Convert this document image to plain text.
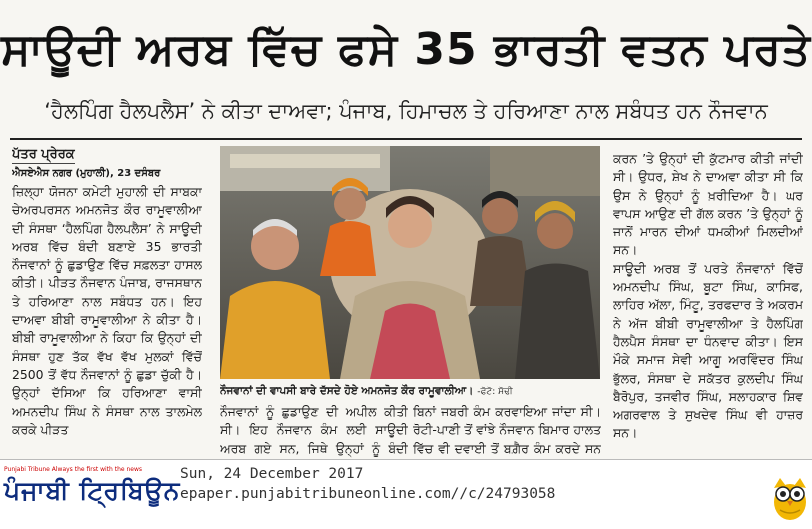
ਸਾਊਦੀ ਅਰਬ ਵਿੱਚ ਫਸੇ 35 ਭਾਰਤੀ ਵਤਨ ਪਰਤੇ
‘ਹੈਲਪਿੰਗ ਹੈਲਪਲੈਸ’ ਨੇ ਕੀਤਾ ਦਾਅਵਾ; ਪੰਜਾਬ, ਹਿਮਾਚਲ ਤੇ ਹਰਿਆਣਾ ਨਾਲ ਸਬੰਧਤ ਹਨ ਨੌਜਵਾਨ
ਪੱਤਰ ਪ੍ਰੇਰਕ
ਐਸਏਐਸ ਨਗਰ (ਮੁਹਾਲੀ), 23 ਦਸੰਬਰ

ਜ਼ਿਲ੍ਹਾ ਯੋਜਨਾ ਕਮੇਟੀ ਮੁਹਾਲੀ ਦੀ ਸਾਬਕਾ ਚੇਅਰਪਰਸਨ ਅਮਨਜੋਤ ਕੌਰ ਰਾਮੂਵਾਲੀਆ ਦੀ ਸੰਸਥਾ ‘ਹੈਲਪਿੰਗ ਹੈਲਪਲੈਸ’ ਨੇ ਸਾਊਦੀ ਅਰਬ ਵਿੱਚ ਬੰਦੀ ਬਣਾਏ 35 ਭਾਰਤੀ ਨੌਜਵਾਨਾਂ ਨੂੰ ਛੁਡਾਉਣ ਵਿੱਚ ਸਫ਼ਲਤਾ ਹਾਸਲ ਕੀਤੀ। ਪੀੜਤ ਨੌਜਵਾਨ ਪੰਜਾਬ, ਰਾਜਸਥਾਨ ਤੇ ਹਰਿਆਣਾ ਨਾਲ ਸਬੰਧਤ ਹਨ। ਇਹ ਦਾਅਵਾ ਬੀਬੀ ਰਾਮੂਵਾਲੀਆ ਨੇ ਕੀਤਾ ਹੈ। ਬੀਬੀ ਰਾਮੂਵਾਲੀਆ ਨੇ ਕਿਹਾ ਕਿ ਉਨ੍ਹਾਂ ਦੀ ਸੰਸਥਾ ਹੁਣ ਤੱਕ ਵੱਖ ਵੱਖ ਮੁਲਕਾਂ ਵਿੱਚੋਂ 2500 ਤੋਂ ਵੱਧ ਨੌਜਵਾਨਾਂ ਨੂੰ ਛੁਡਾ ਚੁੱਕੀ ਹੈ। ਉਨ੍ਹਾਂ ਦੱਸਿਆ ਕਿ ਹਰਿਆਣਾ ਵਾਸੀ ਅਮਨਦੀਪ ਸਿੰਘ ਨੇ ਸੰਸਥਾ ਨਾਲ ਤਾਲਮੇਲ ਕਰਕੇ ਪੀੜਤ

ਨੌਜਵਾਨਾਂ ਦੀ ਵਾਪਸੀ ਬਾਰੇ ਦੱਸਦੇ ਹੋਏ ਅਮਨਜੋਤ ਕੌਰ ਰਾਮੂਵਾਲੀਆ। -ਫੋਟੋ: ਸੋਢੀ

ਨੌਜਵਾਨਾਂ ਨੂੰ ਛੁਡਾਉਣ ਦੀ ਅਪੀਲ ਕੀਤੀ ਸੀ। ਇਹ ਨੌਜਵਾਨ ਕੰਮ ਲਈ ਸਾਊਦੀ ਅਰਬ ਗਏ ਸਨ, ਜਿਥੇ ਉਨ੍ਹਾਂ ਨੂੰ ਬੰਦੀ

ਬਿਨਾਂ ਜਬਰੀ ਕੰਮ ਕਰਵਾਇਆ ਜਾਂਦਾ ਸੀ। ਰੋਟੀ-ਪਾਣੀ ਤੋਂ ਵਾਂਝੇ ਨੌਜਵਾਨ ਬਿਮਾਰ ਹਾਲਤ ਵਿੱਚ ਵੀ ਦਵਾਈ ਤੋਂ ਬਗ਼ੈਰ ਕੰਮ ਕਰਦੇ ਸਨ

ਕਰਨ ’ਤੇ ਉਨ੍ਹਾਂ ਦੀ ਕੁੱਟਮਾਰ ਕੀਤੀ ਜਾਂਦੀ ਸੀ। ਉਧਰ, ਸ਼ੇਖ ਨੇ ਦਾਅਵਾ ਕੀਤਾ ਸੀ ਕਿ ਉਸ ਨੇ ਉਨ੍ਹਾਂ ਨੂੰ ਖ਼ਰੀਦਿਆ ਹੈ। ਘਰ ਵਾਪਸ ਆਉਣ ਦੀ ਗੱਲ ਕਰਨ ’ਤੇ ਉਨ੍ਹਾਂ ਨੂੰ ਜਾਨੋਂ ਮਾਰਨ ਦੀਆਂ ਧਮਕੀਆਂ ਮਿਲਦੀਆਂ ਸਨ।

ਸਾਊਦੀ ਅਰਬ ਤੋਂ ਪਰਤੇ ਨੌਜਵਾਨਾਂ ਵਿੱਚੋਂ ਅਮਨਦੀਪ ਸਿੰਘ, ਬੂਟਾ ਸਿੰਘ, ਕਾਸਿਫ, ਲਾਹਿਰ ਅੱਲਾ, ਮਿੰਟੂ, ਤਰਫਦਾਰ ਤੇ ਅਕਰਮ ਨੇ ਅੱਜ ਬੀਬੀ ਰਾਮੂਵਾਲੀਆ ਤੇ ਹੈਲਪਿੰਗ ਹੈਲਪੈਸ ਸੰਸਥਾ ਦਾ ਧੰਨਵਾਦ ਕੀਤਾ। ਇਸ ਮੌਕੇ ਸਮਾਜ ਸੇਵੀ ਆਗੂ ਅਰਵਿੰਦਰ ਸਿੰਘ ਭੁੱਲਰ, ਸੰਸਥਾ ਦੇ ਸਕੱਤਰ ਕੁਲਦੀਪ ਸਿੰਘ ਬੈਰੋਪੁਰ, ਤਜਵੀਰ ਸਿੰਘ, ਸਲਾਹਕਾਰ ਸ਼ਿਵ ਅਗਰਵਾਲ ਤੇ ਸੁਖਦੇਵ ਸਿੰਘ ਵੀ ਹਾਜ਼ਰ ਸਨ।

Punjabi Tribune Always the first with the news
ਪੰਜਾਬੀ ਟ੍ਰਿਬਿਊਨ
Sun, 24 December 2017
epaper.punjabitribuneonline.com//c/24793058
